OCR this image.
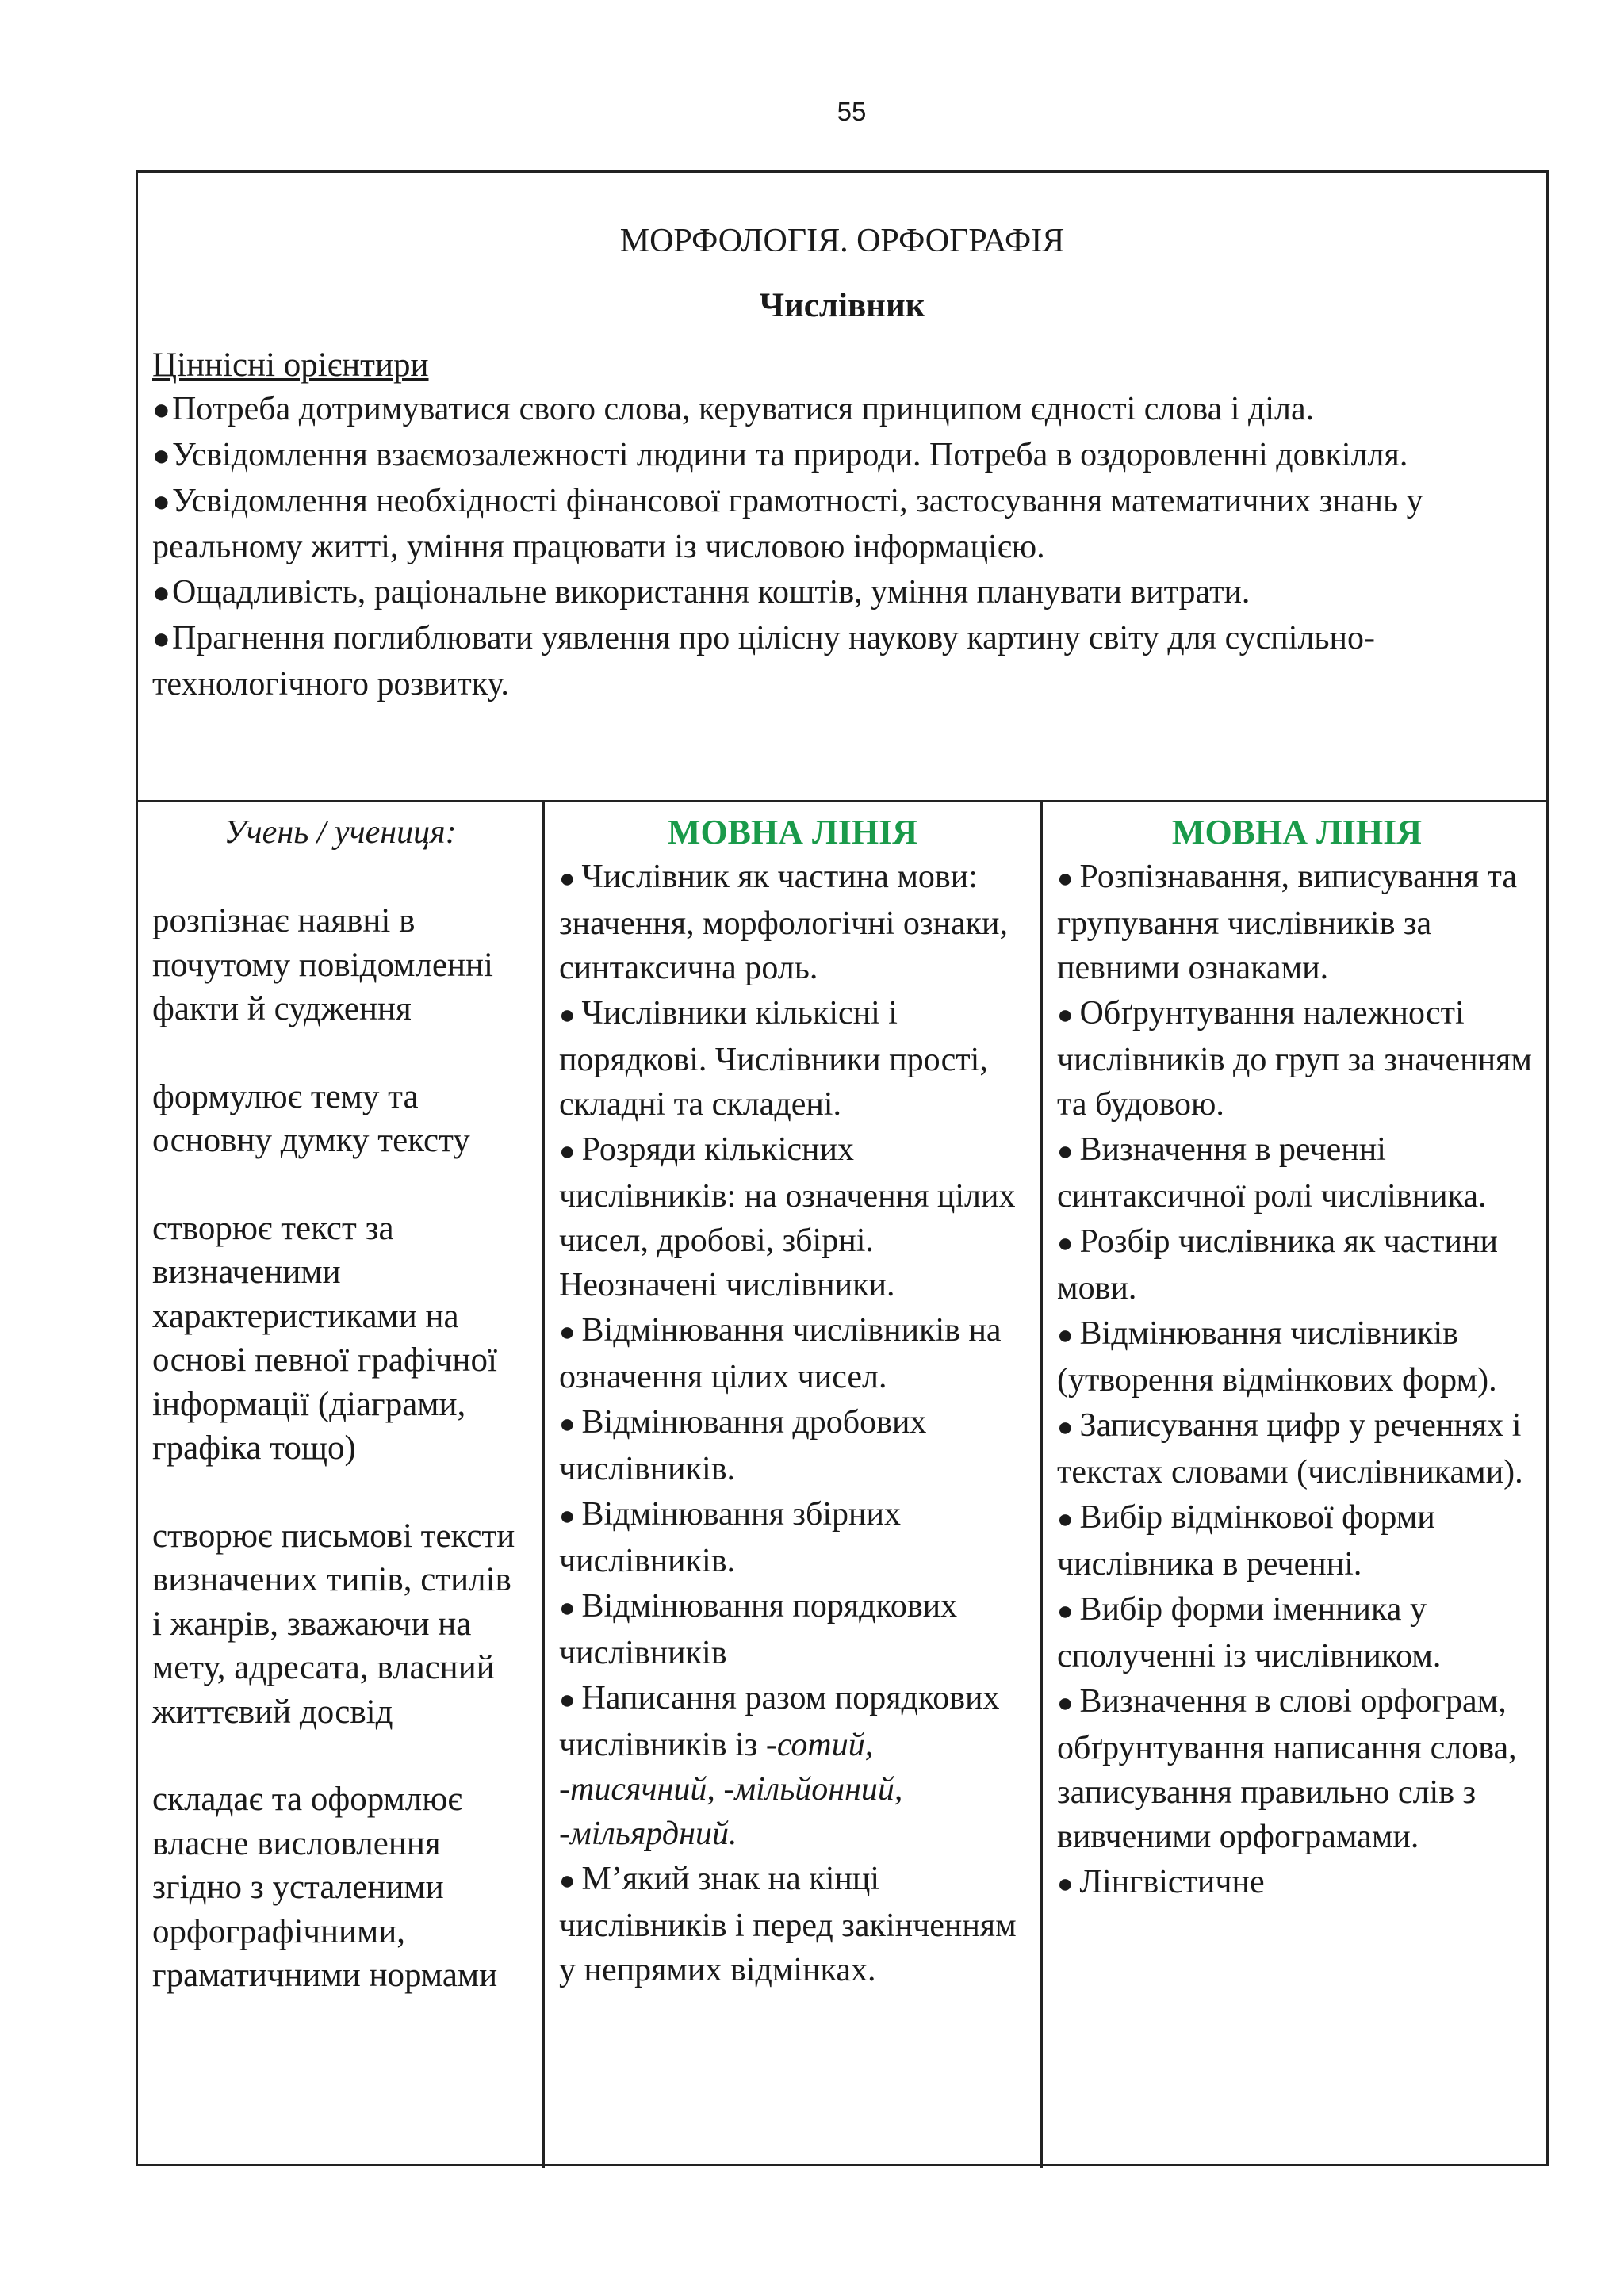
55
МОРФОЛОГІЯ. ОРФОГРАФІЯ
Числівник
Ціннісні орієнтири
●Потреба дотримуватися свого слова, керуватися принципом єдності слова і діла.
●Усвідомлення взаємозалежності людини та природи. Потреба в оздоровленні довкілля.
●Усвідомлення необхідності фінансової грамотності, застосування математичних знань у реальному житті, уміння працювати із числовою інформацією.
●Ощадливість, раціональне використання коштів, уміння планувати витрати.
●Прагнення поглиблювати уявлення про цілісну наукову картину світу для суспільно-технологічного розвитку.
Учень / учениця:
розпізнає наявні в почутому повідомленні факти й судження
формулює тему та основну думку тексту
створює текст за визначеними характеристиками на основі певної графічної інформації (діаграми, графіка тощо)
створює письмові тексти визначених типів, стилів і жанрів, зважаючи на мету, адресата, власний життєвий досвід
складає та оформлює власне висловлення згідно з усталеними орфографічними, граматичними нормами
МОВНА ЛІНІЯ
● Числівник як частина мови: значення, морфологічні ознаки, синтаксична роль.
● Числівники кількісні і порядкові. Числівники прості, складні та складені.
● Розряди кількісних числівників: на означення цілих чисел, дробові, збірні. Неозначені числівники.
● Відмінювання числівників на означення цілих чисел.
● Відмінювання дробових числівників.
● Відмінювання збірних числівників.
● Відмінювання порядкових числівників
● Написання разом порядкових числівників із -сотий, -тисячний, -мільйонний, -мільярдний.
● М’який знак на кінці числівників і перед закінченням у непрямих відмінках.
МОВНА ЛІНІЯ
● Розпізнавання, виписування та групування числівників за певними ознаками.
● Обґрунтування належності числівників до груп за значенням та будовою.
● Визначення в реченні синтаксичної ролі числівника.
● Розбір числівника як частини мови.
● Відмінювання числівників (утворення відмінкових форм).
● Записування цифр у реченнях і текстах словами (числівниками).
● Вибір відмінкової форми числівника в реченні.
● Вибір форми іменника у сполученні із числівником.
● Визначення в слові орфограм, обґрунтування написання слова, записування правильно слів з вивченими орфограмами.
● Лінгвістичне
